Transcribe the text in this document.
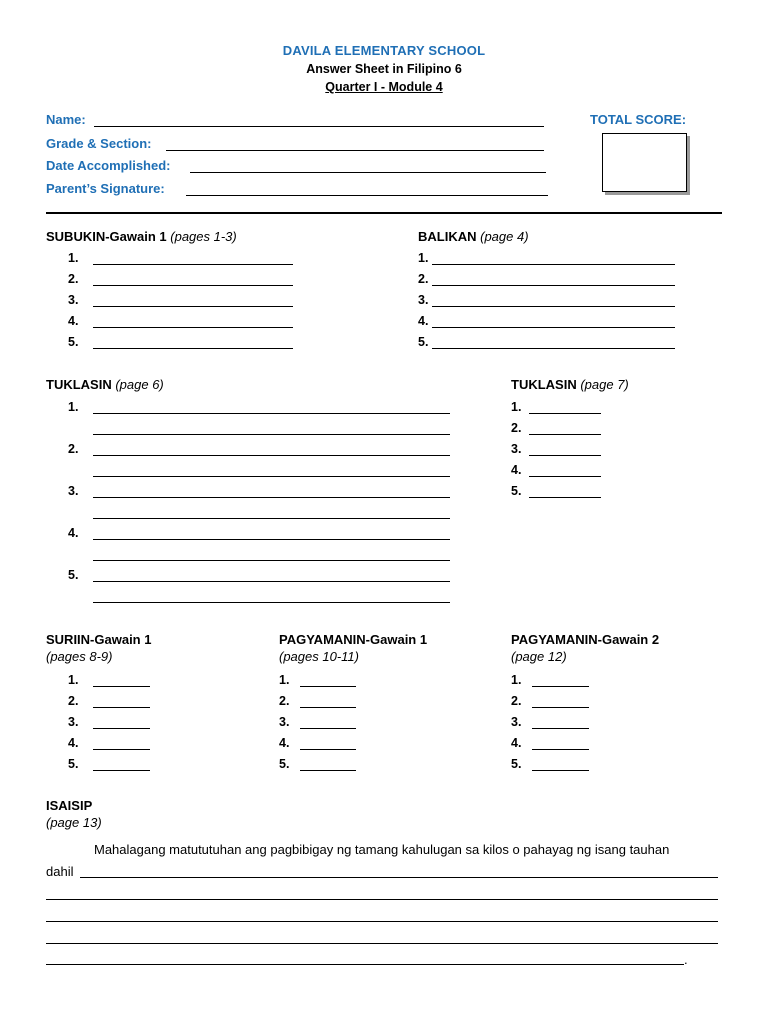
DAVILA ELEMENTARY SCHOOL
Answer Sheet in Filipino 6
Quarter I - Module 4
Name:
Grade & Section:
Date Accomplished:
Parent’s Signature:
TOTAL SCORE:
SUBUKIN-Gawain 1 (pages 1-3)
1.
2.
3.
4.
5.
BALIKAN (page 4)
1.
2.
3.
4.
5.
TUKLASIN (page 6)
1.
2.
3.
4.
5.
TUKLASIN (page 7)
1.
2.
3.
4.
5.
SURIIN-Gawain 1
(pages 8-9)
1.
2.
3.
4.
5.
PAGYAMANIN-Gawain 1
(pages 10-11)
1.
2.
3.
4.
5.
PAGYAMANIN-Gawain 2
(page 12)
1.
2.
3.
4.
5.
ISAISIP
(page 13)
Mahalagang matututuhan ang pagbibigay ng tamang kahulugan sa kilos o pahayag ng isang tauhan
dahil
.
